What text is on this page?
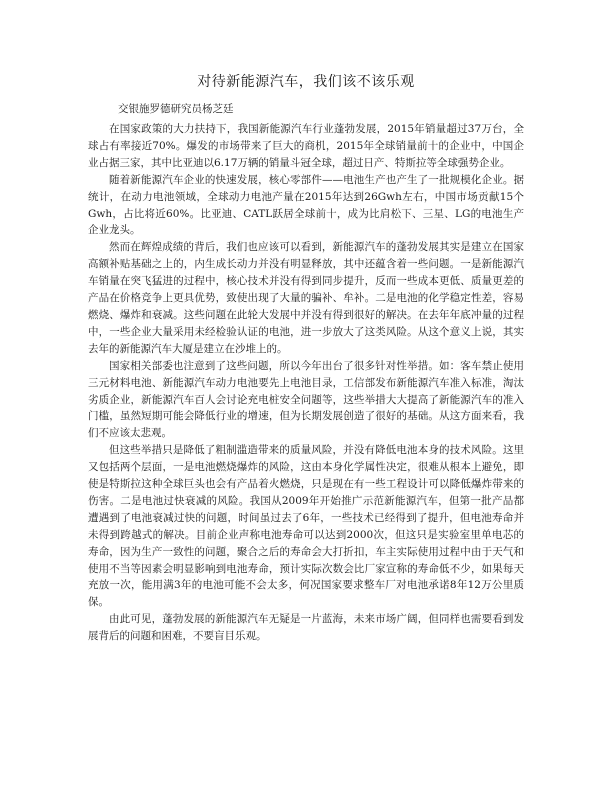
对待新能源汽车，我们该不该乐观
交银施罗德研究员杨芝廷

在国家政策的大力扶持下，我国新能源汽车行业蓬勃发展，2015年销量超过37万台，全球占有率接近70%。爆发的市场带来了巨大的商机，2015年全球销量前十的企业中，中国企业占据三家，其中比亚迪以6.17万辆的销量斗冠全球，超过日产、特斯拉等全球强势企业。

随着新能源汽车企业的快速发展，核心零部件——电池生产也产生了一批规模化企业。据统计，在动力电池领域，全球动力电池产量在2015年达到26Gwh左右，中国市场贡献15个Gwh，占比将近60%。比亚迪、CATL跃居全球前十，成为比肩松下、三星、LG的电池生产企业龙头。

然而在辉煌成绩的背后，我们也应该可以看到，新能源汽车的蓬勃发展其实是建立在国家高额补贴基础之上的，内生成长动力并没有明显释放，其中还蕴含着一些问题。一是新能源汽车销量在突飞猛进的过程中，核心技术并没有得到同步提升，反而一些成本更低、质量更差的产品在价格竞争上更具优势，致使出现了大量的骗补、牟补。二是电池的化学稳定性差，容易燃烧、爆炸和衰减。这些问题在此轮大发展中并没有得到很好的解决。在去年年底冲量的过程中，一些企业大量采用未经检验认证的电池，进一步放大了这类风险。从这个意义上说，其实去年的新能源汽车大厦是建立在沙堆上的。

国家相关部委也注意到了这些问题，所以今年出台了很多针对性举措。如：客车禁止使用三元材料电池、新能源汽车动力电池要先上电池目录，工信部发布新能源汽车准入标准，淘汰劣质企业，新能源汽车百人会讨论充电桩安全问题等，这些举措大大提高了新能源汽车的准入门槛，虽然短期可能会降低行业的增速，但为长期发展创造了很好的基础。从这方面来看，我们不应该太悲观。

但这些举措只是降低了粗制滥造带来的质量风险，并没有降低电池本身的技术风险。这里又包括两个层面，一是电池燃烧爆炸的风险，这由本身化学属性决定，很难从根本上避免，即使是特斯拉这种全球巨头也会有产品着火燃烧，只是现在有一些工程设计可以降低爆炸带来的伤害。二是电池过快衰减的风险。我国从2009年开始推广示范新能源汽车，但第一批产品都遭遇到了电池衰减过快的问题，时间虽过去了6年，一些技术已经得到了提升，但电池寿命并未得到跨越式的解决。目前企业声称电池寿命可以达到2000次，但这只是实验室里单电芯的寿命，因为生产一致性的问题，聚合之后的寿命会大打折扣，车主实际使用过程中由于天气和使用不当等因素会明显影响到电池寿命，预计实际次数会比厂家宣称的寿命低不少，如果每天充放一次，能用满3年的电池可能不会太多，何况国家要求整车厂对电池承诺8年12万公里质保。

由此可见，蓬勃发展的新能源汽车无疑是一片蓝海，未来市场广阔，但同样也需要看到发展背后的问题和困难，不要盲目乐观。
